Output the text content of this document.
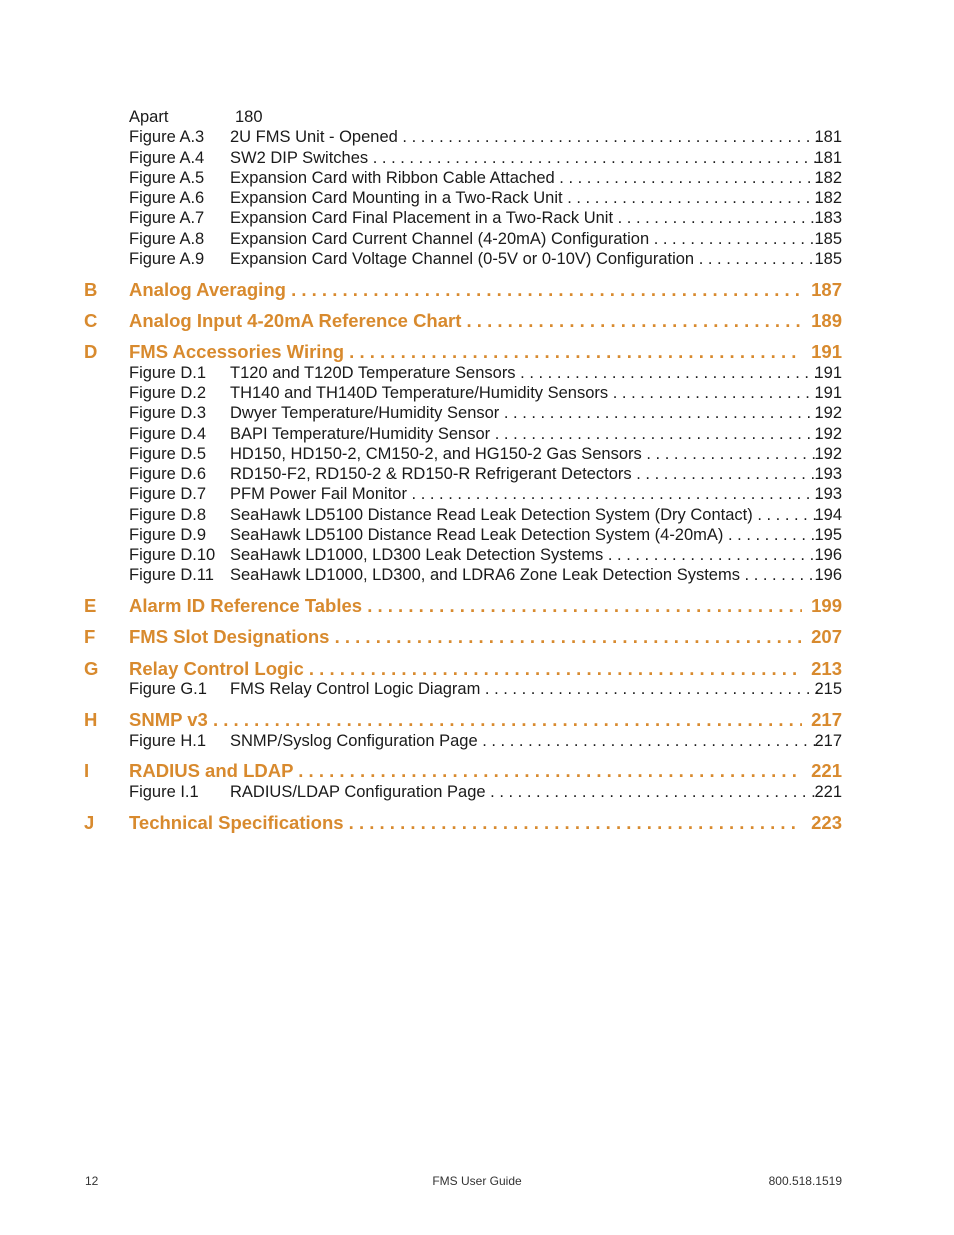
Apart	180
Figure A.3 2U FMS Unit - Opened . . .	181
Figure A.4 SW2 DIP Switches . . .	181
Figure A.5 Expansion Card with Ribbon Cable Attached . . .	182
Figure A.6 Expansion Card Mounting in a Two-Rack Unit . . .	182
Figure A.7 Expansion Card Final Placement in a Two-Rack Unit . . .	183
Figure A.8 Expansion Card Current Channel (4-20mA) Configuration . . .	185
Figure A.9 Expansion Card Voltage Channel (0-5V or 0-10V) Configuration . . .	185
B Analog Averaging . . .	187
C Analog Input 4-20mA Reference Chart . . .	189
D FMS Accessories Wiring . . .	191
Figure D.1 T120 and T120D Temperature Sensors . . .	191
Figure D.2 TH140 and TH140D Temperature/Humidity Sensors . . .	191
Figure D.3 Dwyer Temperature/Humidity Sensor . . .	192
Figure D.4 BAPI Temperature/Humidity Sensor . . .	192
Figure D.5 HD150, HD150-2, CM150-2, and HG150-2 Gas Sensors . . .	192
Figure D.6 RD150-F2, RD150-2 & RD150-R Refrigerant Detectors . . .	193
Figure D.7 PFM Power Fail Monitor . . .	193
Figure D.8 SeaHawk LD5100 Distance Read Leak Detection System (Dry Contact) . . .	194
Figure D.9 SeaHawk LD5100 Distance Read Leak Detection System (4-20mA) . . .	195
Figure D.10 SeaHawk LD1000, LD300 Leak Detection Systems . . .	196
Figure D.11 SeaHawk LD1000, LD300, and LDRA6 Zone Leak Detection Systems . . .	196
E Alarm ID Reference Tables . . .	199
F FMS Slot Designations . . .	207
G Relay Control Logic . . .	213
Figure G.1 FMS Relay Control Logic Diagram . . .	215
H SNMP v3 . . .	217
Figure H.1 SNMP/Syslog Configuration Page . . .	217
I RADIUS and LDAP . . .	221
Figure I.1 RADIUS/LDAP Configuration Page . . .	221
J Technical Specifications . . .	223
12	FMS User Guide	800.518.1519
